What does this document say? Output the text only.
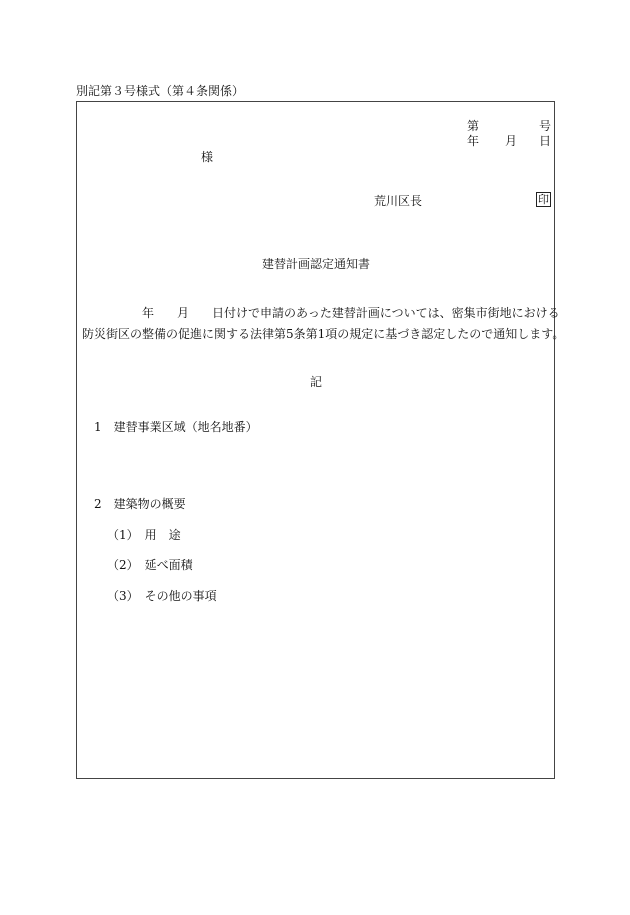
別記第３号様式（第４条関係）
第	号
年 月 日
様
荒川区長	印
建替計画認定通知書
年 月 日付けで申請のあった建替計画については、密集市街地における
防災街区の整備の促進に関する法律第5条第1項の規定に基づき認定したので通知します。
記
1　建替事業区域（地名地番）
2　建築物の概要
（1）　用　途
（2）　延べ面積
（3）　その他の事項
